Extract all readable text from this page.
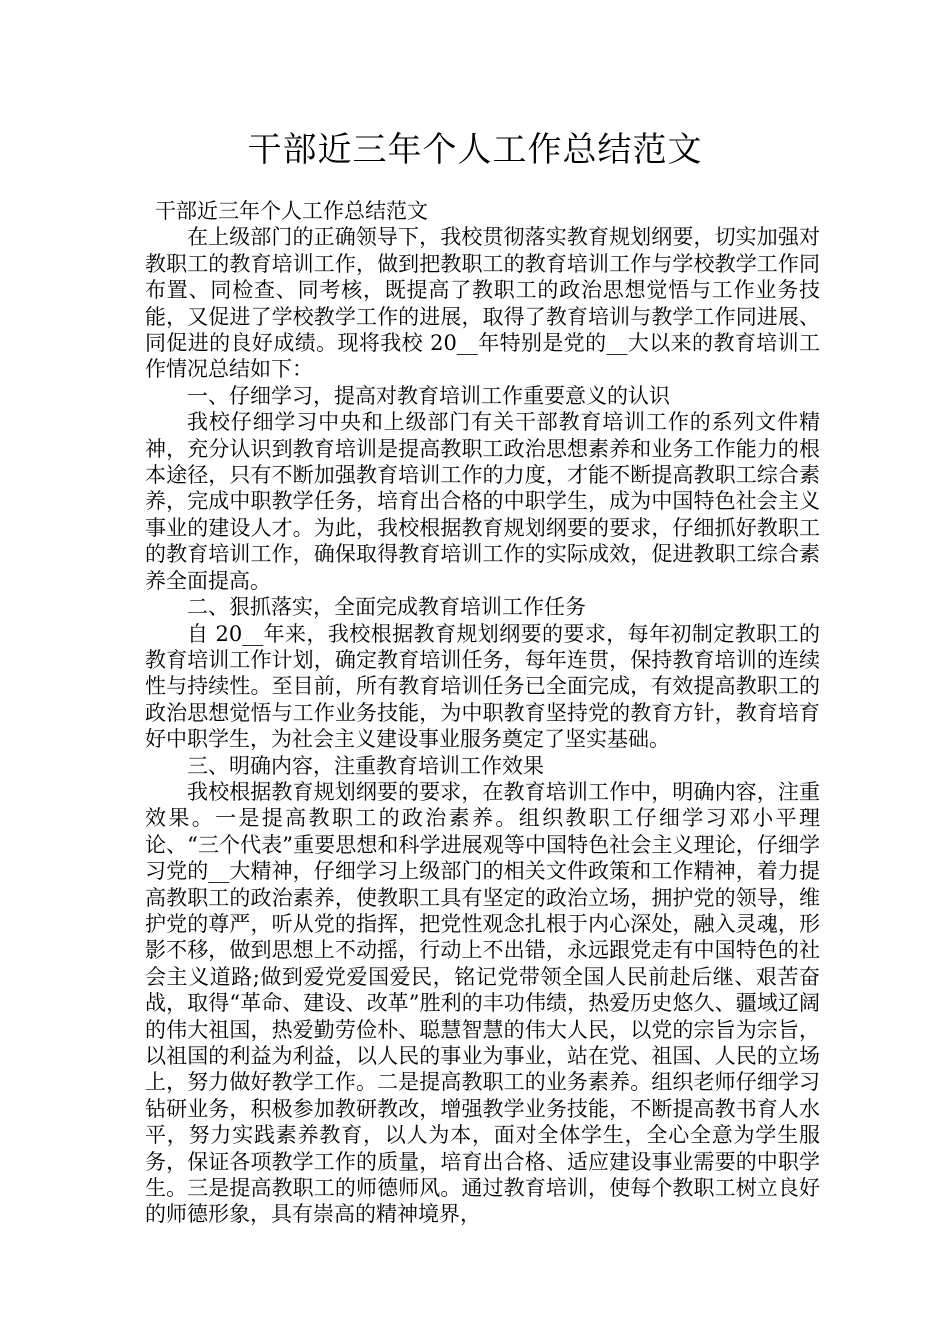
干部近三年个人工作总结范文

干部近三年个人工作总结范文

在上级部门的正确领导下，我校贯彻落实教育规划纲要，切实加强对教职工的教育培训工作，做到把教职工的教育培训工作与学校教学工作同布置、同检查、同考核，既提高了教职工的政治思想觉悟与工作业务技能，又促进了学校教学工作的进展，取得了教育培训与教学工作同进展、同促进的良好成绩。现将我校 20__年特别是党的__大以来的教育培训工作情况总结如下：

一、仔细学习，提高对教育培训工作重要意义的认识

我校仔细学习中央和上级部门有关干部教育培训工作的系列文件精神，充分认识到教育培训是提高教职工政治思想素养和业务工作能力的根本途径，只有不断加强教育培训工作的力度，才能不断提高教职工综合素养，完成中职教学任务，培育出合格的中职学生，成为中国特色社会主义事业的建设人才。为此，我校根据教育规划纲要的要求，仔细抓好教职工的教育培训工作，确保取得教育培训工作的实际成效，促进教职工综合素养全面提高。

二、狠抓落实，全面完成教育培训工作任务

自 20__年来，我校根据教育规划纲要的要求，每年初制定教职工的教育培训工作计划，确定教育培训任务，每年连贯，保持教育培训的连续性与持续性。至目前，所有教育培训任务已全面完成，有效提高教职工的政治思想觉悟与工作业务技能，为中职教育坚持党的教育方针，教育培育好中职学生，为社会主义建设事业服务奠定了坚实基础。

三、明确内容，注重教育培训工作效果

我校根据教育规划纲要的要求，在教育培训工作中，明确内容，注重效果。一是提高教职工的政治素养。组织教职工仔细学习邓小平理论、“三个代表”重要思想和科学进展观等中国特色社会主义理论，仔细学习党的__大精神，仔细学习上级部门的相关文件政策和工作精神，着力提高教职工的政治素养，使教职工具有坚定的政治立场，拥护党的领导，维护党的尊严，听从党的指挥，把党性观念扎根于内心深处，融入灵魂，形影不移，做到思想上不动摇，行动上不出错，永远跟党走有中国特色的社会主义道路;做到爱党爱国爱民，铭记党带领全国人民前赴后继、艰苦奋战，取得“革命、建设、改革”胜利的丰功伟绩，热爱历史悠久、疆域辽阔的伟大祖国，热爱勤劳俭朴、聪慧智慧的伟大人民，以党的宗旨为宗旨，以祖国的利益为利益，以人民的事业为事业，站在党、祖国、人民的立场上，努力做好教学工作。二是提高教职工的业务素养。组织老师仔细学习钻研业务，积极参加教研教改，增强教学业务技能，不断提高教书育人水平，努力实践素养教育，以人为本，面对全体学生，全心全意为学生服务，保证各项教学工作的质量，培育出合格、适应建设事业需要的中职学生。三是提高教职工的师德师风。通过教育培训，使每个教职工树立良好的师德形象，具有崇高的精神境界，
